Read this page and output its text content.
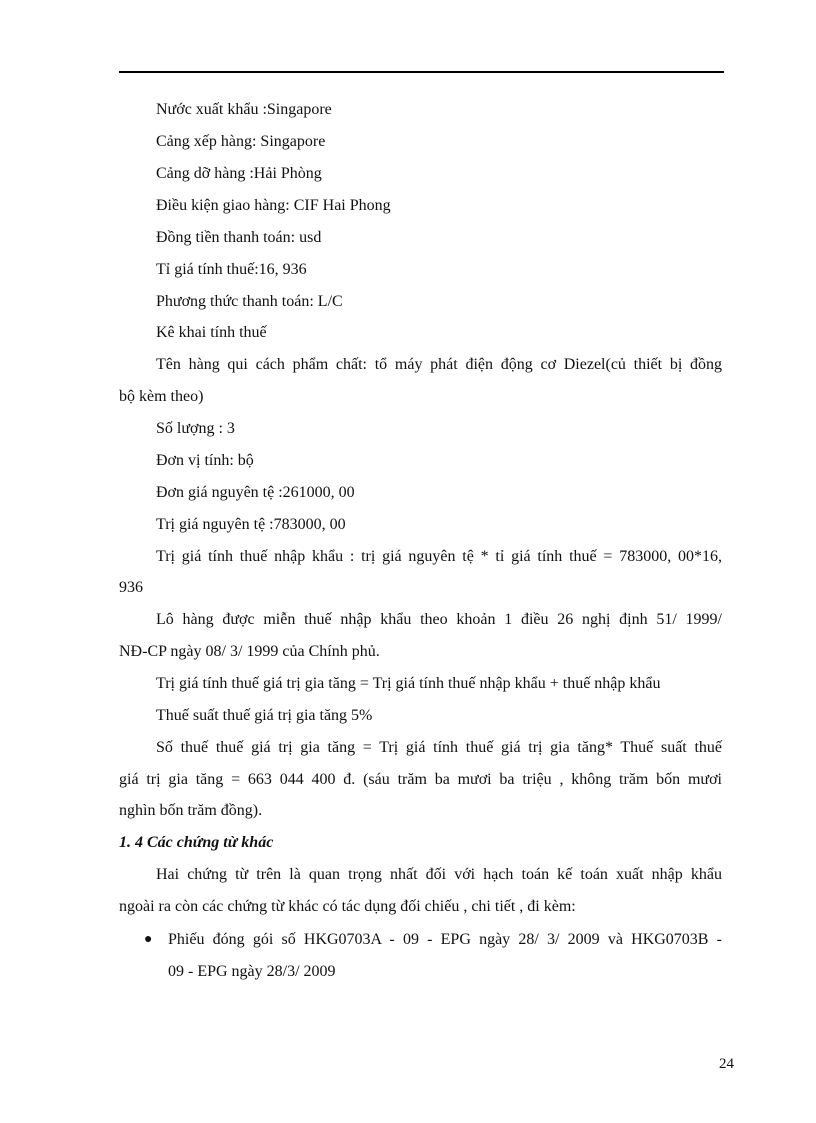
Nước xuất khẩu :Singapore
Cảng xếp hàng: Singapore
Cảng dỡ hàng :Hải Phòng
Điều kiện giao hàng: CIF Hai Phong
Đồng tiền thanh toán: usd
Tỉ giá tính thuế:16, 936
Phương thức thanh toán: L/C
Kê khai tính thuế
Tên hàng qui cách phẩm chất: tổ máy phát điện động cơ Diezel(củ thiết bị đồng
bộ kèm theo)
Số lượng : 3
Đơn vị tính: bộ
Đơn giá nguyên tệ :261000, 00
Trị giá nguyên tệ :783000, 00
Trị giá tính thuế nhập khẩu : trị giá nguyên tệ * tỉ giá tính thuế = 783000, 00*16,
936
Lô hàng được miễn thuế nhập khẩu theo khoản 1 điều 26 nghị định 51/ 1999/
NĐ-CP ngày 08/ 3/ 1999 của Chính phủ.
Trị giá tính thuế giá trị gia tăng = Trị giá tính thuế nhập khẩu + thuế nhập khẩu
Thuế suất thuế giá trị gia tăng 5%
Số thuế thuế giá trị gia tăng = Trị giá tính thuế giá trị gia tăng* Thuế suất thuế
giá trị gia tăng = 663 044 400 đ. (sáu trăm ba mươi ba triệu , không trăm bốn mươi
nghìn bốn trăm đồng).
1. 4 Các chứng từ khác
Hai chứng từ trên là quan trọng nhất đối với hạch toán kế toán xuất nhập khẩu
ngoài ra còn các chứng từ khác có tác dụng đối chiếu , chi tiết , đi kèm:
● Phiếu đóng gói số HKG0703A - 09 - EPG ngày 28/ 3/ 2009 và HKG0703B -
09 - EPG ngày 28/3/ 2009
24
